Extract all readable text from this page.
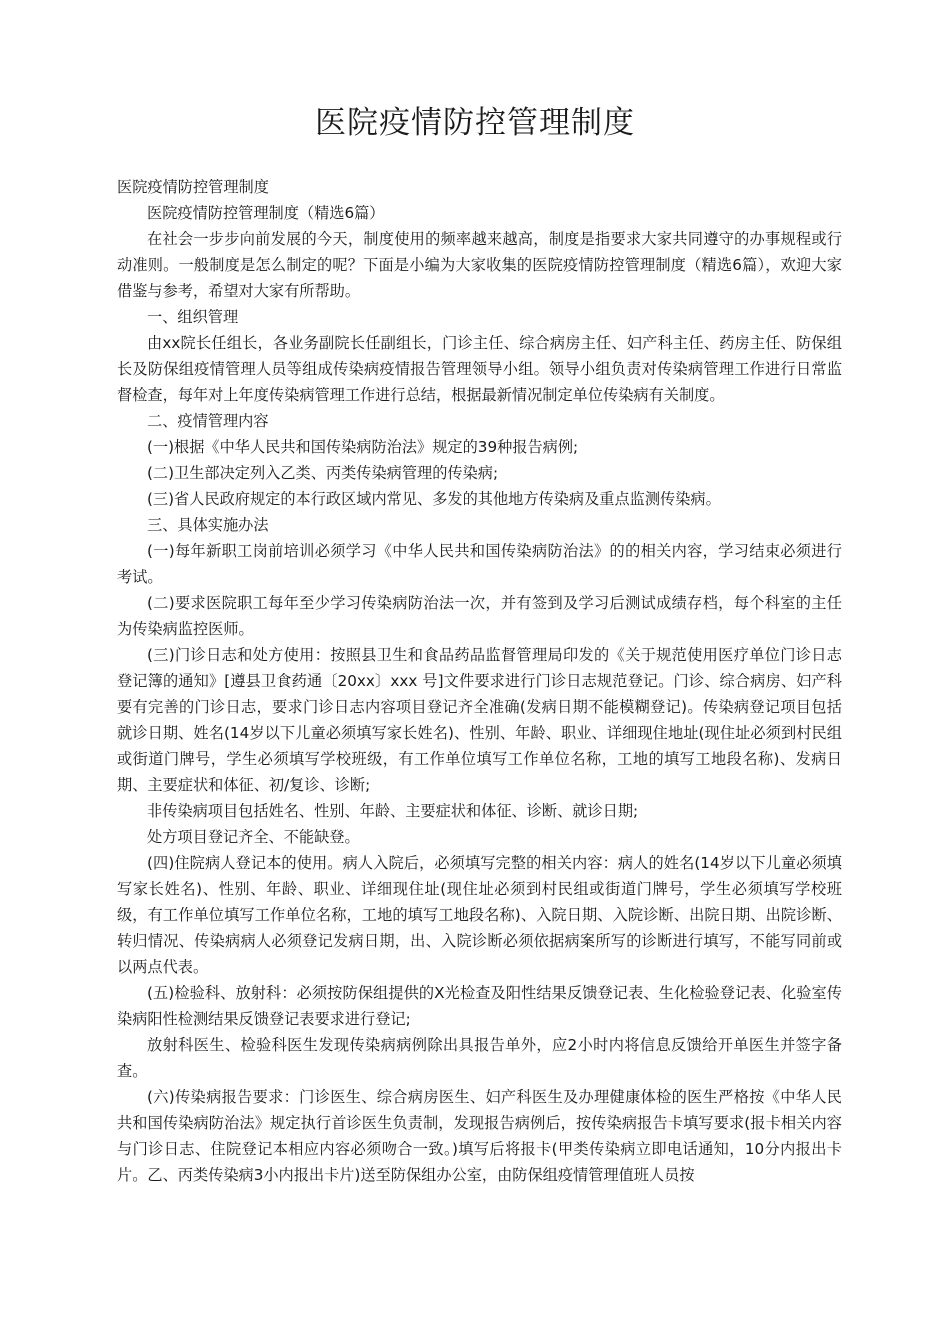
医院疫情防控管理制度

医院疫情防控管理制度

医院疫情防控管理制度（精选6篇）

在社会一步步向前发展的今天，制度使用的频率越来越高，制度是指要求大家共同遵守的办事规程或行动准则。一般制度是怎么制定的呢？下面是小编为大家收集的医院疫情防控管理制度（精选6篇），欢迎大家借鉴与参考，希望对大家有所帮助。

一、组织管理

由xx院长任组长，各业务副院长任副组长，门诊主任、综合病房主任、妇产科主任、药房主任、防保组长及防保组疫情管理人员等组成传染病疫情报告管理领导小组。领导小组负责对传染病管理工作进行日常监督检查，每年对上年度传染病管理工作进行总结，根据最新情况制定单位传染病有关制度。

二、疫情管理内容

(一)根据《中华人民共和国传染病防治法》规定的39种报告病例;

(二)卫生部决定列入乙类、丙类传染病管理的传染病;

(三)省人民政府规定的本行政区域内常见、多发的其他地方传染病及重点监测传染病。

三、具体实施办法

(一)每年新职工岗前培训必须学习《中华人民共和国传染病防治法》的的相关内容，学习结束必须进行考试。

(二)要求医院职工每年至少学习传染病防治法一次，并有签到及学习后测试成绩存档，每个科室的主任为传染病监控医师。

(三)门诊日志和处方使用：按照县卫生和食品药品监督管理局印发的《关于规范使用医疗单位门诊日志登记簿的通知》[遵县卫食药通〔20xx〕xxx 号]文件要求进行门诊日志规范登记。门诊、综合病房、妇产科要有完善的门诊日志，要求门诊日志内容项目登记齐全准确(发病日期不能模糊登记)。传染病登记项目包括就诊日期、姓名(14岁以下儿童必须填写家长姓名)、性别、年龄、职业、详细现住地址(现住址必须到村民组或街道门牌号，学生必须填写学校班级，有工作单位填写工作单位名称，工地的填写工地段名称)、发病日期、主要症状和体征、初/复诊、诊断;

非传染病项目包括姓名、性别、年龄、主要症状和体征、诊断、就诊日期;

处方项目登记齐全、不能缺登。

(四)住院病人登记本的使用。病人入院后，必须填写完整的相关内容：病人的姓名(14岁以下儿童必须填写家长姓名)、性别、年龄、职业、详细现住址(现住址必须到村民组或街道门牌号，学生必须填写学校班级，有工作单位填写工作单位名称，工地的填写工地段名称)、入院日期、入院诊断、出院日期、出院诊断、转归情况、传染病病人必须登记发病日期，出、入院诊断必须依据病案所写的诊断进行填写，不能写同前或以两点代表。

(五)检验科、放射科：必须按防保组提供的X光检查及阳性结果反馈登记表、生化检验登记表、化验室传染病阳性检测结果反馈登记表要求进行登记;

放射科医生、检验科医生发现传染病病例除出具报告单外，应2小时内将信息反馈给开单医生并签字备查。

(六)传染病报告要求：门诊医生、综合病房医生、妇产科医生及办理健康体检的医生严格按《中华人民共和国传染病防治法》规定执行首诊医生负责制，发现报告病例后，按传染病报告卡填写要求(报卡相关内容与门诊日志、住院登记本相应内容必须吻合一致。)填写后将报卡(甲类传染病立即电话通知，10分内报出卡片。乙、丙类传染病3小内报出卡片)送至防保组办公室，由防保组疫情管理值班人员按
